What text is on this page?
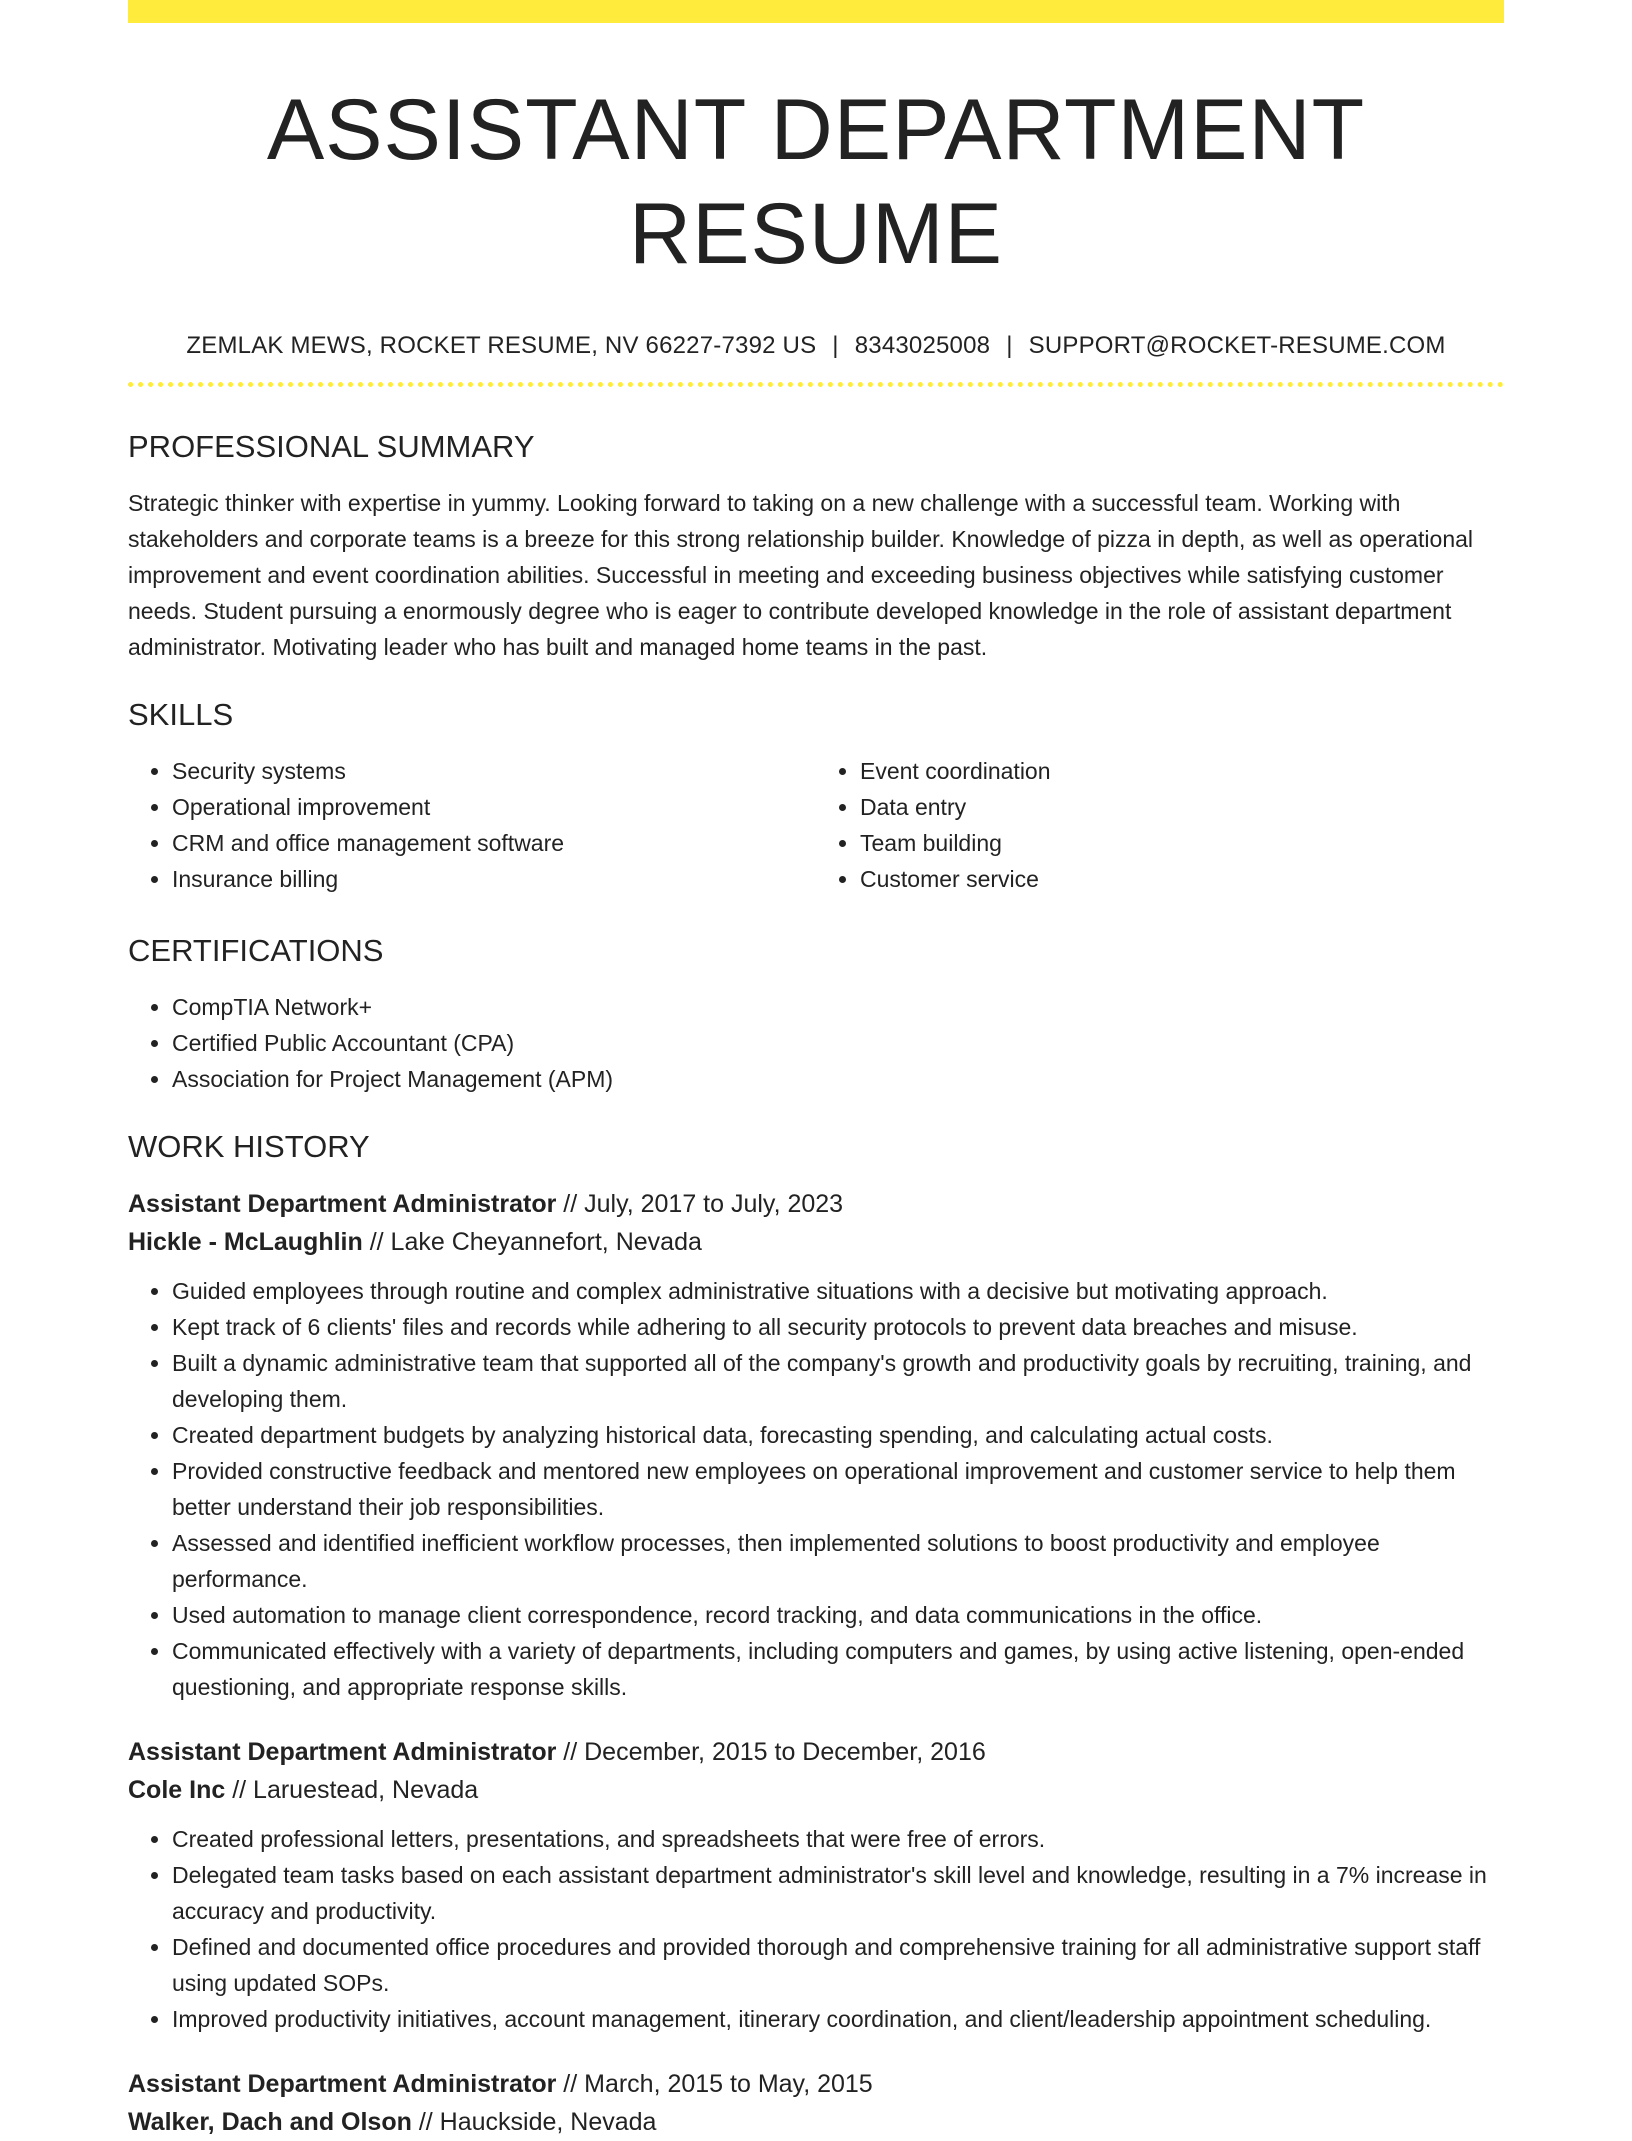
ASSISTANT DEPARTMENT RESUME
ZEMLAK MEWS, ROCKET RESUME, NV 66227-7392 US | 8343025008 | SUPPORT@ROCKET-RESUME.COM
PROFESSIONAL SUMMARY

Strategic thinker with expertise in yummy. Looking forward to taking on a new challenge with a successful team. Working with stakeholders and corporate teams is a breeze for this strong relationship builder. Knowledge of pizza in depth, as well as operational improvement and event coordination abilities. Successful in meeting and exceeding business objectives while satisfying customer needs. Student pursuing a enormously degree who is eager to contribute developed knowledge in the role of assistant department administrator. Motivating leader who has built and managed home teams in the past.

SKILLS
• Security systems
• Operational improvement
• CRM and office management software
• Insurance billing
• Event coordination
• Data entry
• Team building
• Customer service
CERTIFICATIONS
• CompTIA Network+
• Certified Public Accountant (CPA)
• Association for Project Management (APM)
WORK HISTORY
Assistant Department Administrator // July, 2017 to July, 2023
Hickle - McLaughlin // Lake Cheyannefort, Nevada
• Guided employees through routine and complex administrative situations with a decisive but motivating approach.
• Kept track of 6 clients' files and records while adhering to all security protocols to prevent data breaches and misuse.
• Built a dynamic administrative team that supported all of the company's growth and productivity goals by recruiting, training, and developing them.
• Created department budgets by analyzing historical data, forecasting spending, and calculating actual costs.
• Provided constructive feedback and mentored new employees on operational improvement and customer service to help them better understand their job responsibilities.
• Assessed and identified inefficient workflow processes, then implemented solutions to boost productivity and employee performance.
• Used automation to manage client correspondence, record tracking, and data communications in the office.
• Communicated effectively with a variety of departments, including computers and games, by using active listening, open-ended questioning, and appropriate response skills.
Assistant Department Administrator // December, 2015 to December, 2016
Cole Inc // Laruestead, Nevada
• Created professional letters, presentations, and spreadsheets that were free of errors.
• Delegated team tasks based on each assistant department administrator's skill level and knowledge, resulting in a 7% increase in accuracy and productivity.
• Defined and documented office procedures and provided thorough and comprehensive training for all administrative support staff using updated SOPs.
• Improved productivity initiatives, account management, itinerary coordination, and client/leadership appointment scheduling.
Assistant Department Administrator // March, 2015 to May, 2015
Walker, Dach and Olson // Hauckside, Nevada
